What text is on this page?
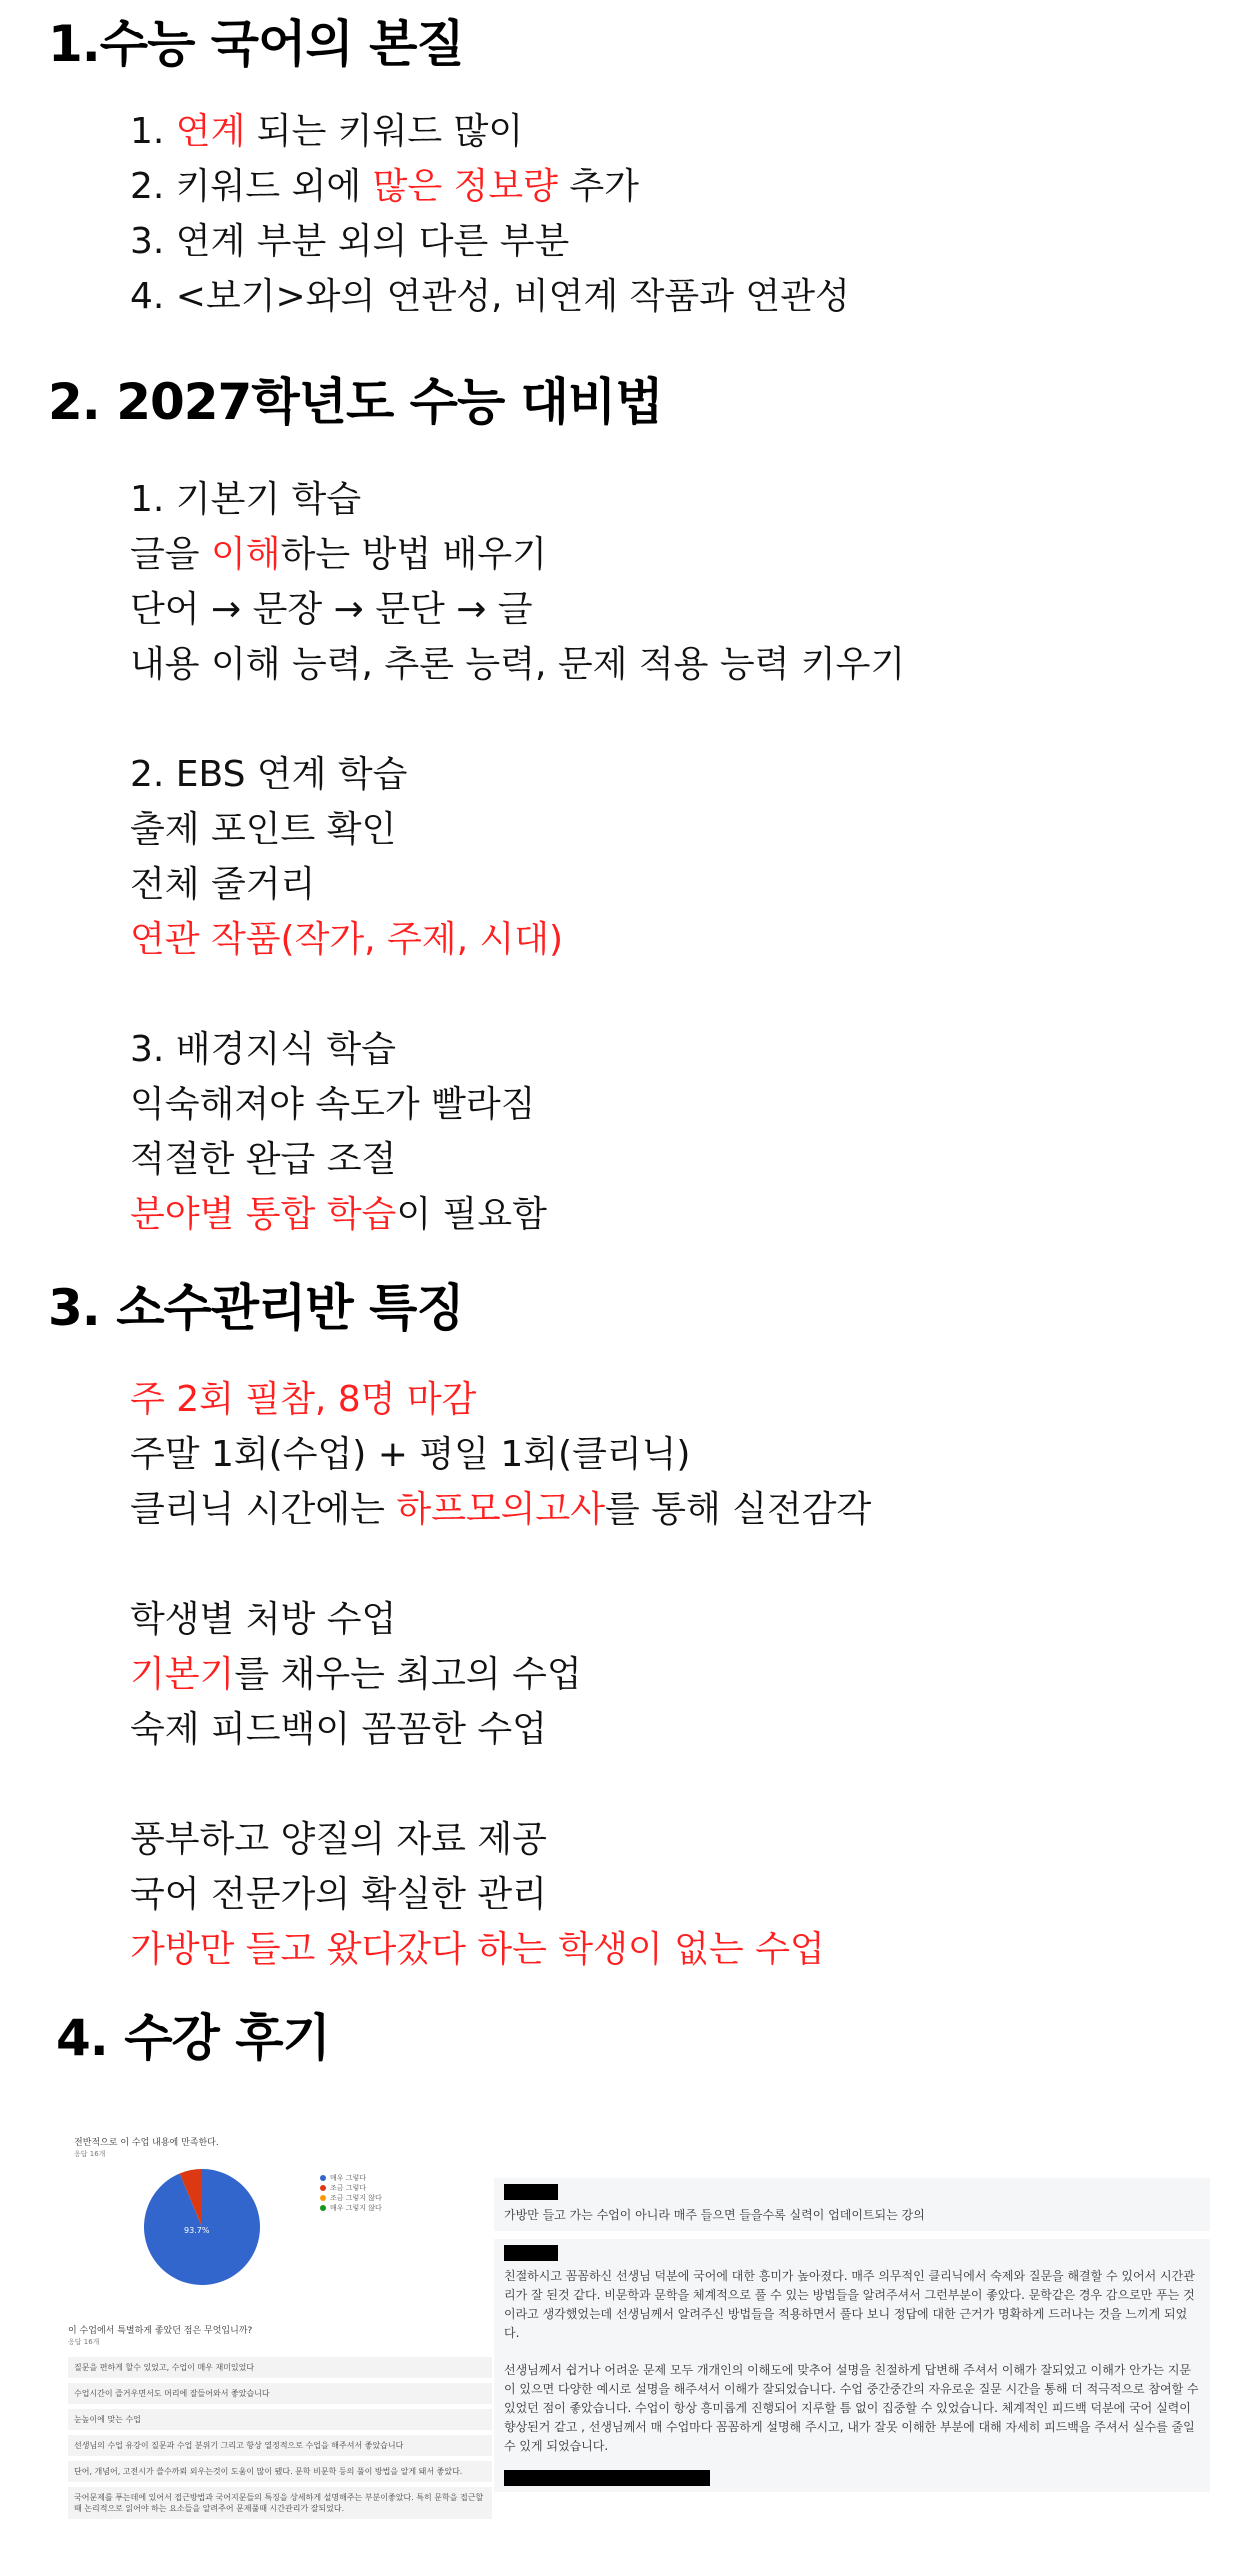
1.수능 국어의 본질
1. 연계 되는 키워드 많이
2. 키워드 외에 많은 정보량 추가
3. 연계 부분 외의 다른 부분
4. <보기>와의 연관성, 비연계 작품과 연관성
2. 2027학년도 수능 대비법
1. 기본기 학습
글을 이해하는 방법 배우기
단어 → 문장 → 문단 → 글
내용 이해 능력, 추론 능력, 문제 적용 능력 키우기
2. EBS 연계 학습
출제 포인트 확인
전체 줄거리
연관 작품(작가, 주제, 시대)
3. 배경지식 학습
익숙해져야 속도가 빨라짐
적절한 완급 조절
분야별 통합 학습이 필요함
3. 소수관리반 특징
주 2회 필참, 8명 마감
주말 1회(수업) + 평일 1회(클리닉)
클리닉 시간에는 하프모의고사를 통해 실전감각
학생별 처방 수업
기본기를 채우는 최고의 수업
숙제 피드백이 꼼꼼한 수업
풍부하고 양질의 자료 제공
국어 전문가의 확실한 관리
가방만 들고 왔다갔다 하는 학생이 없는 수업
4. 수강 후기
전반적으로 이 수업 내용에 만족한다.
응답 16개
93.7%
매우 그렇다
조금 그렇다
조금 그렇지 않다
매우 그렇지 않다
이 수업에서 특별하게 좋았던 점은 무엇입니까?
응답 16개
질문을 편하게 할수 있었고, 수업이 매우 재미있었다
수업시간이 즐거우면서도 머리에 잘들어와서 좋았습니다
눈높이에 맞는 수업
선생님의 수업 유강이 질문과 수업 분위기 그리고 항상 열정적으로 수업을 해주셔서 좋았습니다
단어, 개념어, 고전시가 쓸수까뢰 외우는것이 도움이 많이 됐다. 문학 비문학 등의 풀이 방법을 알게 돼서 좋았다.
국어문제를 푸는데에 있어서 접근방법과 국어지문들의 특징을 상세하게 설명해주는 부분이좋았다. 특히 문학을 접근할때 논리적으로 읽어야 하는 요소들을 알려주어 문제풀때 시간관리가 잘되었다.

가방만 들고 가는 수업이 아니라 매주 들으면 들을수록 실력이 업데이트되는 강의

친절하시고 꼼꼼하신 선생님 덕분에 국어에 대한 흥미가 높아졌다. 매주 의무적인 클리닉에서 숙제와 질문을 해결할 수 있어서 시간관리가 잘 된것 같다. 비문학과 문학을 체계적으로 풀 수 있는 방법들을 알려주셔서 그런부분이 좋았다. 문학같은 경우 감으로만 푸는 것이라고 생각했었는데 선생님께서 알려주신 방법들을 적용하면서 풀다 보니 정답에 대한 근거가 명확하게 드러나는 것을 느끼게 되었다.

선생님께서 쉽거나 어려운 문제 모두 개개인의 이해도에 맞추어 설명을 친절하게 답변해 주셔서 이해가 잘되었고 이해가 안가는 지문이 있으면 다양한 예시로 설명을 해주셔서 이해가 잘되었습니다. 수업 중간중간의 자유로운 질문 시간을 통해 더 적극적으로 참여할 수 있었던 점이 좋았습니다. 수업이 항상 흥미롭게 진행되어 지루할 틈 없이 집중할 수 있었습니다. 체계적인 피드백 덕분에 국어 실력이 향상된거 같고 , 선생님께서 매 수업마다 꼼꼼하게 설명해 주시고, 내가 잘못 이해한 부분에 대해 자세히 피드백을 주셔서 실수를 줄일 수 있게 되었습니다.
